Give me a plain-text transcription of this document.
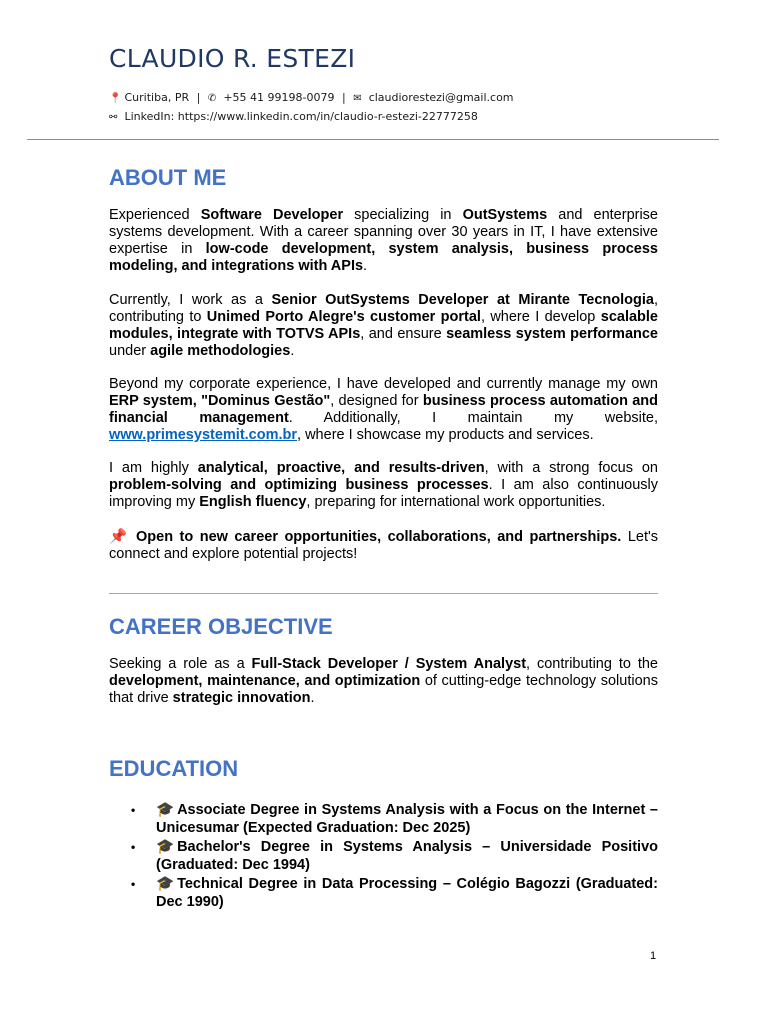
CLAUDIO R. ESTEZI
📍 Curitiba, PR | ✆ +55 41 99198-0079 | ✉ claudiorestezi@gmail.com
⚯ LinkedIn: https://www.linkedin.com/in/claudio-r-estezi-22777258
ABOUT ME

Experienced Software Developer specializing in OutSystems and enterprise systems development. With a career spanning over 30 years in IT, I have extensive expertise in low-code development, system analysis, business process modeling, and integrations with APIs.

Currently, I work as a Senior OutSystems Developer at Mirante Tecnologia, contributing to Unimed Porto Alegre's customer portal, where I develop scalable modules, integrate with TOTVS APIs, and ensure seamless system performance under agile methodologies.

Beyond my corporate experience, I have developed and currently manage my own ERP system, "Dominus Gestão", designed for business process automation and financial management. Additionally, I maintain my website, www.primesystemit.com.br, where I showcase my products and services.

I am highly analytical, proactive, and results-driven, with a strong focus on problem-solving and optimizing business processes. I am also continuously improving my English fluency, preparing for international work opportunities.

📌 Open to new career opportunities, collaborations, and partnerships. Let's connect and explore potential projects!

CAREER OBJECTIVE

Seeking a role as a Full-Stack Developer / System Analyst, contributing to the development, maintenance, and optimization of cutting-edge technology solutions that drive strategic innovation.

EDUCATION
• 🎓 Associate Degree in Systems Analysis with a Focus on the Internet – Unicesumar (Expected Graduation: Dec 2025)
• 🎓 Bachelor's Degree in Systems Analysis – Universidade Positivo (Graduated: Dec 1994)
• 🎓 Technical Degree in Data Processing – Colégio Bagozzi (Graduated: Dec 1990)
1
